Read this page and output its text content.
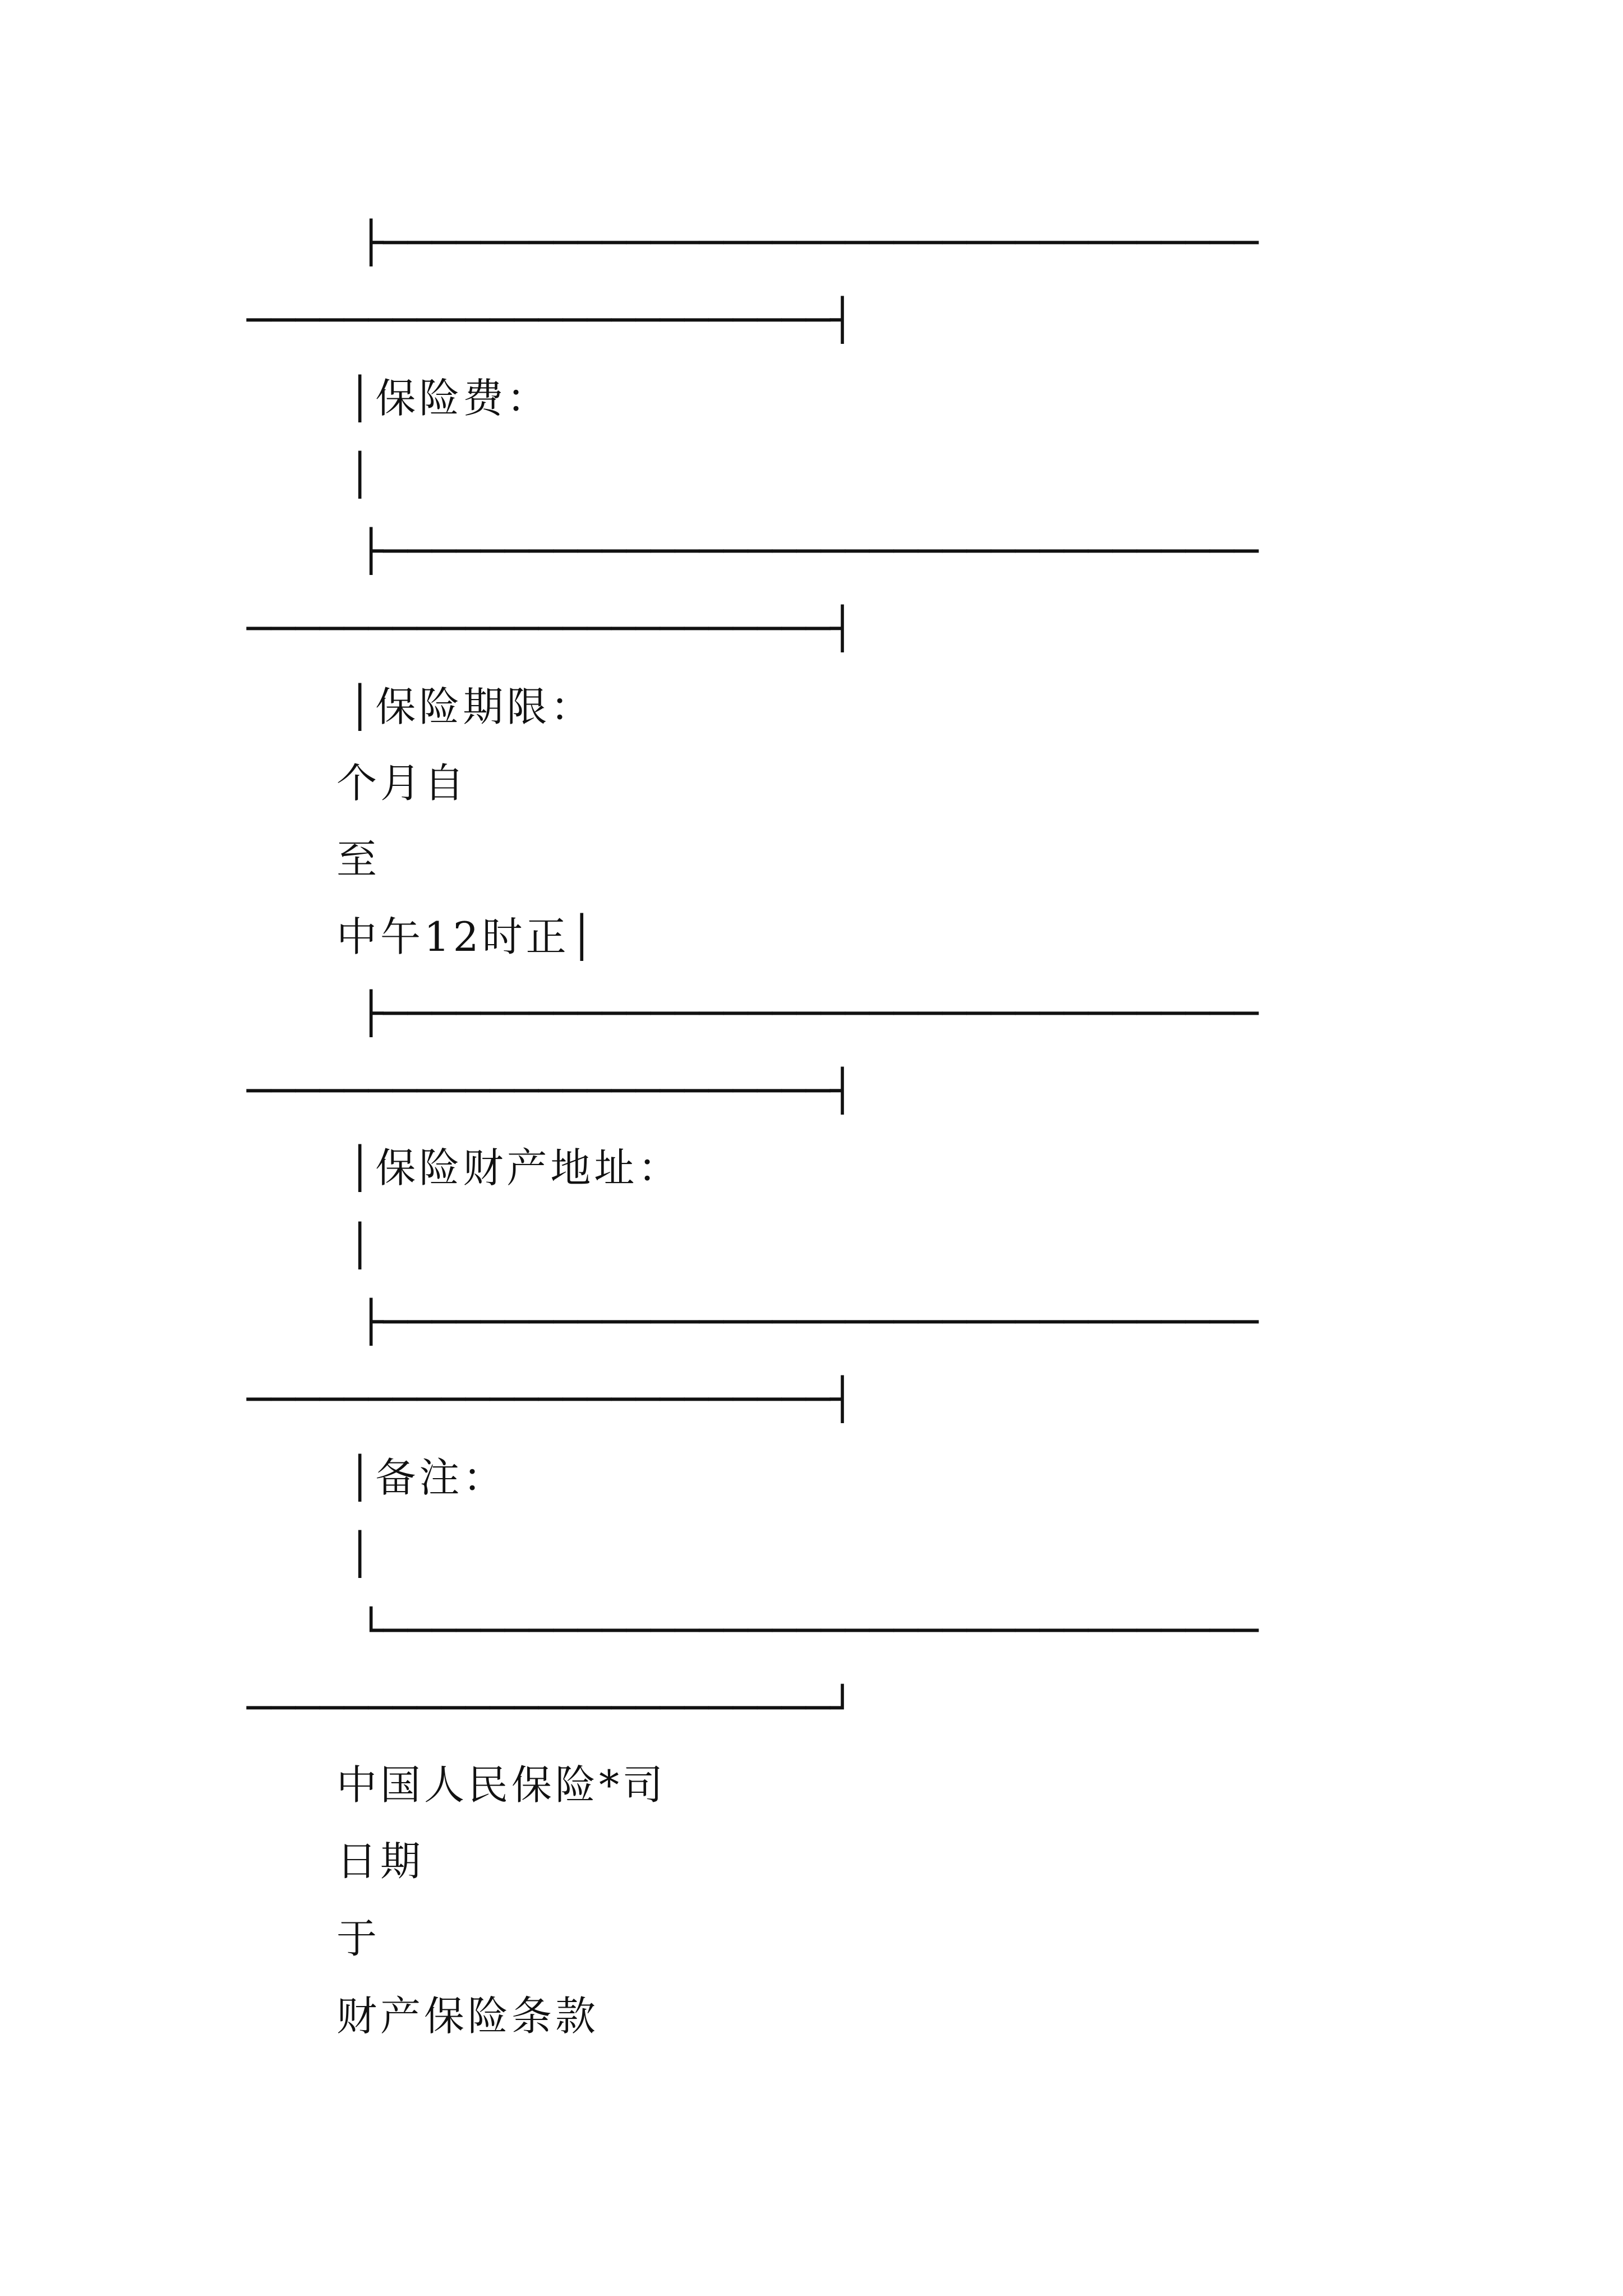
├────────────────────────────────────
────────────────────────┤
│保险费：
│
├────────────────────────────────────
────────────────────────┤
│保险期限：
个月自
至
中午12时正│
├────────────────────────────────────
────────────────────────┤
│保险财产地址：
│
├────────────────────────────────────
────────────────────────┤
│备注：
│
└────────────────────────────────────
────────────────────────┘
中国人民保险*司
日期
于
财产保险条款
